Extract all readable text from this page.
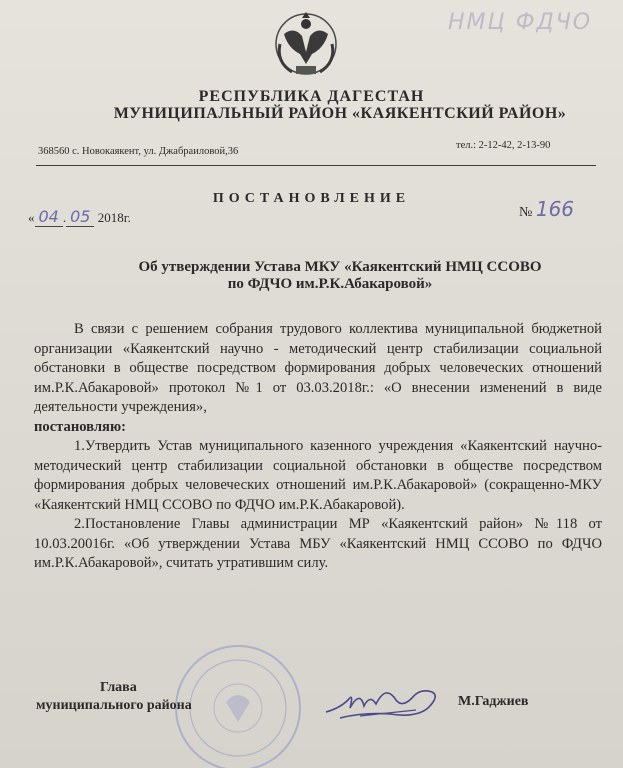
НМЦ ФДЧО
РЕСПУБЛИКА ДАГЕСТАН
МУНИЦИПАЛЬНЫЙ РАЙОН «КАЯКЕНТСКИЙ РАЙОН»
тел.: 2-12-42, 2-13-90
368560 с. Новокаякент, ул. Джабраиловой,36
ПОСТАНОВЛЕНИЕ
« 04 . 05 2018г.	№ 166
Об утверждении Устава МКУ «Каякентский НМЦ ССОВО
по ФДЧО им.Р.К.Абакаровой»

В связи с решением собрания трудового коллектива муниципальной бюджетной организации «Каякентский научно - методический центр стабилизации социальной обстановки в обществе посредством формирования добрых человеческих отношений им.Р.К.Абакаровой» протокол №1 от 03.03.2018г.: «О внесении изменений в виде деятельности учреждения»,

постановляю:

1.Утвердить Устав муниципального казенного учреждения «Каякентский научно-методический центр стабилизации социальной обстановки в обществе посредством формирования добрых человеческих отношений им.Р.К.Абакаровой» (сокращенно-МКУ «Каякентский НМЦ ССОВО по ФДЧО им.Р.К.Абакаровой).

2.Постановление Главы администрации МР «Каякентский район» №118 от 10.03.20016г. «Об утверждении Устава МБУ «Каякентский НМЦ ССОВО по ФДЧО им.Р.К.Абакаровой», считать утратившим силу.

Глава
муниципального района	М.Гаджиев
